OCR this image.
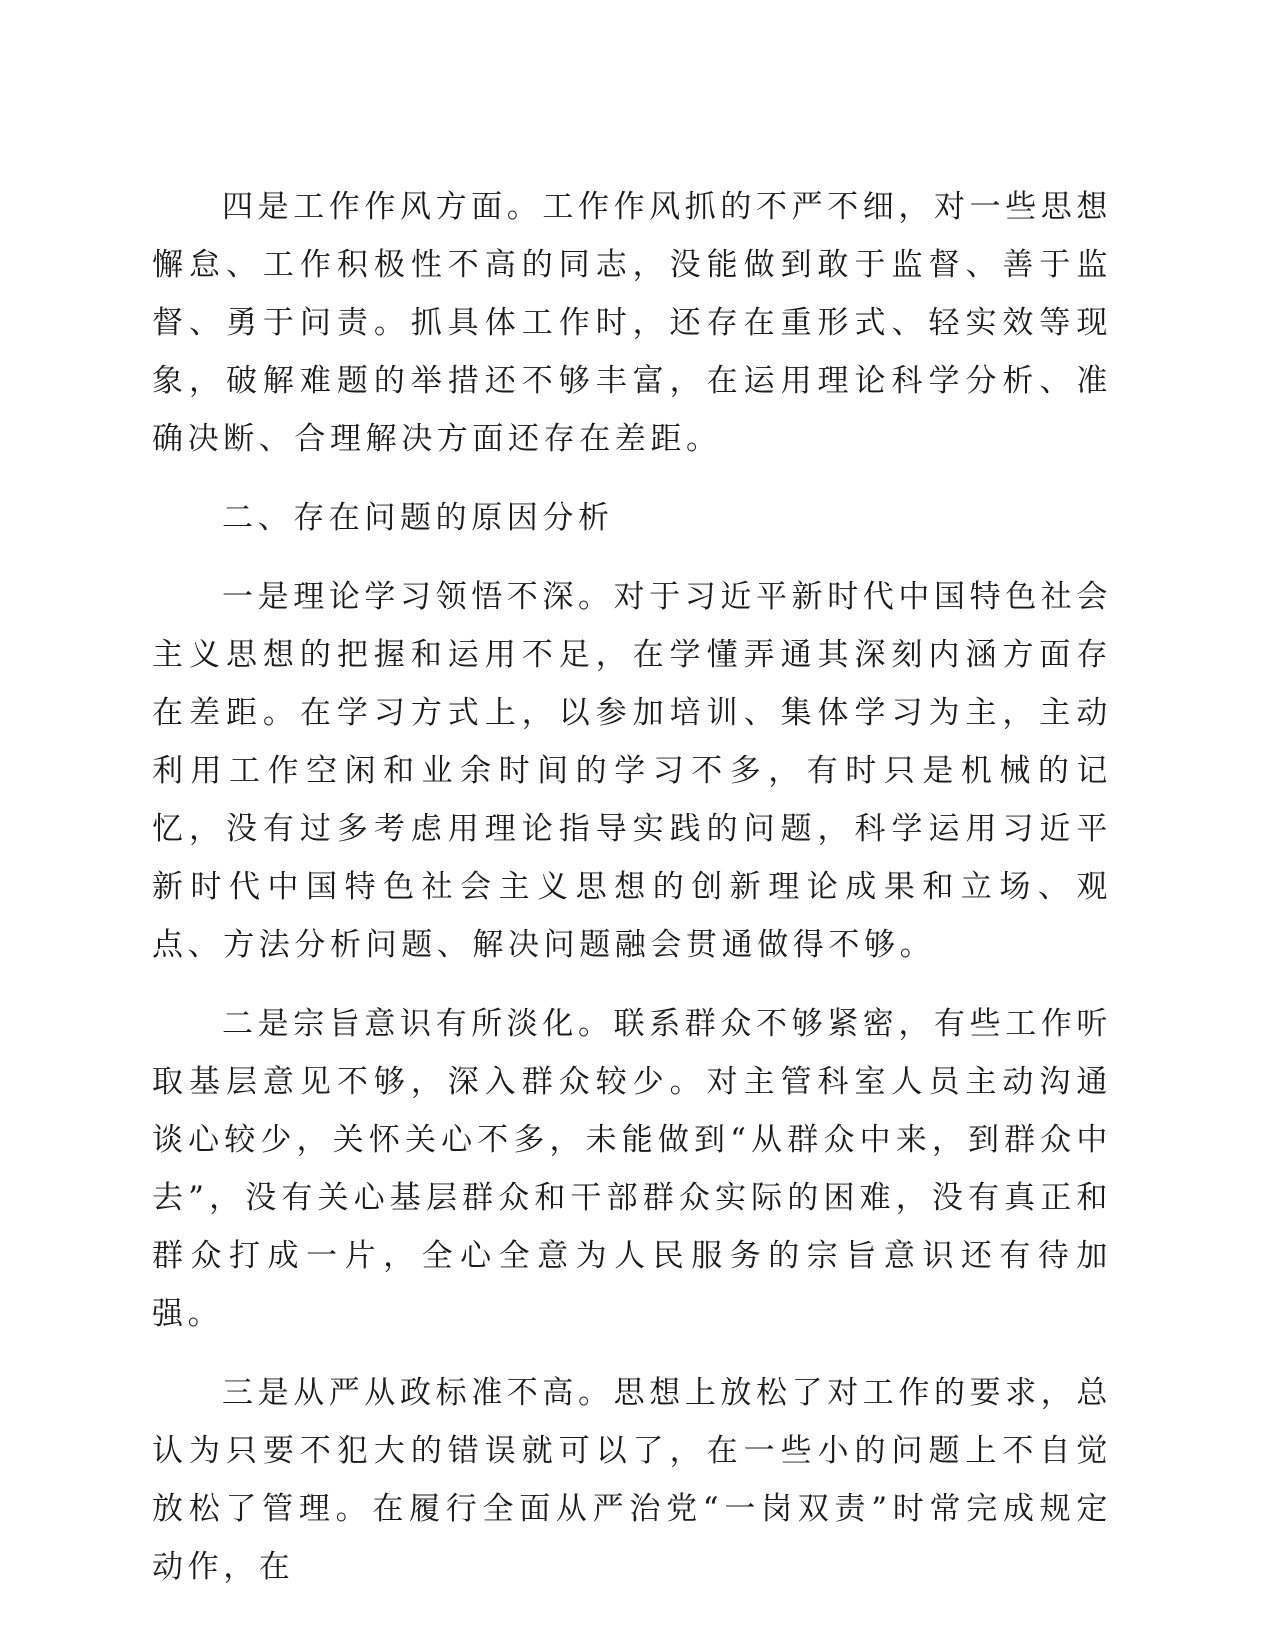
四是工作作风方面。工作作风抓的不严不细，对一些思想懈怠、工作积极性不高的同志，没能做到敢于监督、善于监督、勇于问责。抓具体工作时，还存在重形式、轻实效等现象，破解难题的举措还不够丰富，在运用理论科学分析、准确决断、合理解决方面还存在差距。

二、存在问题的原因分析

一是理论学习领悟不深。对于习近平新时代中国特色社会主义思想的把握和运用不足，在学懂弄通其深刻内涵方面存在差距。在学习方式上，以参加培训、集体学习为主，主动利用工作空闲和业余时间的学习不多，有时只是机械的记忆，没有过多考虑用理论指导实践的问题，科学运用习近平新时代中国特色社会主义思想的创新理论成果和立场、观点、方法分析问题、解决问题融会贯通做得不够。

二是宗旨意识有所淡化。联系群众不够紧密，有些工作听取基层意见不够，深入群众较少。对主管科室人员主动沟通谈心较少，关怀关心不多，未能做到“从群众中来，到群众中去”，没有关心基层群众和干部群众实际的困难，没有真正和群众打成一片，全心全意为人民服务的宗旨意识还有待加强。

三是从严从政标准不高。思想上放松了对工作的要求，总认为只要不犯大的错误就可以了，在一些小的问题上不自觉放松了管理。在履行全面从严治党“一岗双责”时常完成规定动作，在
